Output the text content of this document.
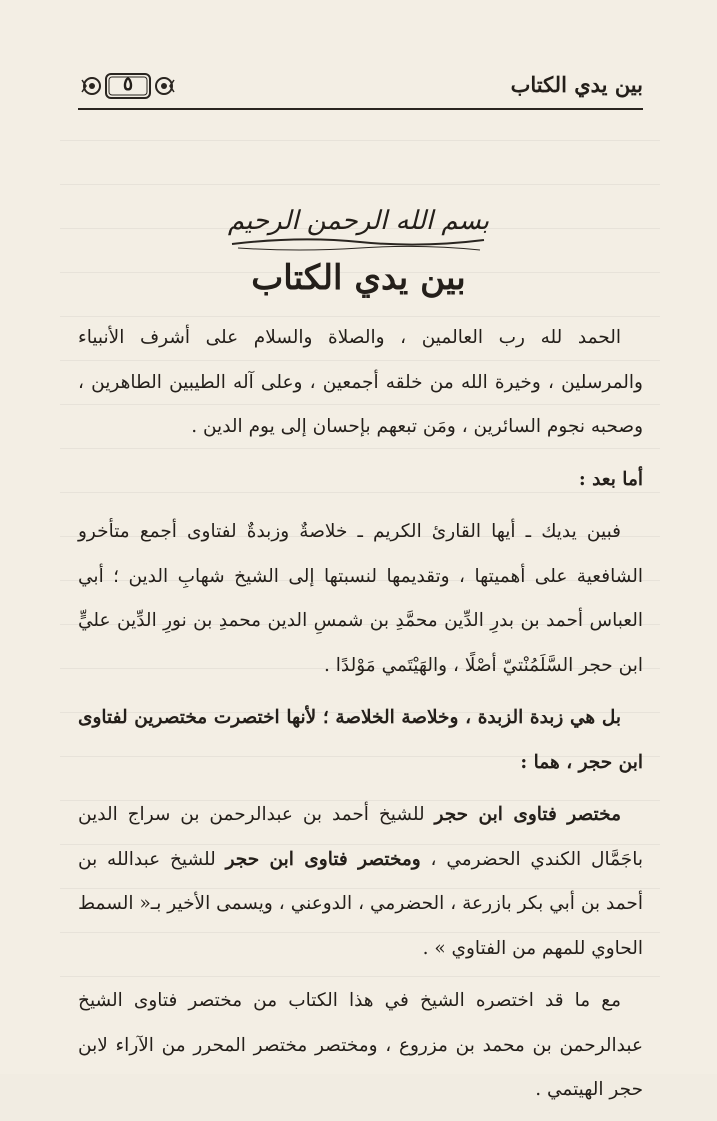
بين يدي الكتاب
٥
بسم الله الرحمن الرحيم
بين يدي الكتاب

الحمد لله رب العالمين ، والصلاة والسلام على أشرف الأنبياء والمرسلين ، وخيرة الله من خلقه أجمعين ، وعلى آله الطيبين الطاهرين ، وصحبه نجوم السائرين ، ومَن تبعهم بإحسان إلى يوم الدين .

أما بعد :

فبين يديك ـ أيها القارئ الكريم ـ خلاصةٌ وزبدةٌ لفتاوى أجمع متأخرو الشافعية على أهميتها ، وتقديمها لنسبتها إلى الشيخ شهابِ الدين ؛ أبي العباس أحمد بن بدرِ الدِّين محمَّدِ بن شمسِ الدين محمدِ بن نورِ الدِّين عليٍّ ابن حجر السَّلَمُنْتيّ أصْلًا ، والهَيْتَمي مَوْلدًا .

بل هي زبدة الزبدة ، وخلاصة الخلاصة ؛ لأنها اختصرت مختصرين لفتاوى ابن حجر ، هما :

مختصر فتاوى ابن حجر للشيخ أحمد بن عبدالرحمن بن سراج الدين باجَمَّال الكندي الحضرمي ، ومختصر فتاوى ابن حجر للشيخ عبدالله بن أحمد بن أبي بكر بازرعة ، الحضرمي ، الدوعني ، ويسمى الأخير بـ« السمط الحاوي للمهم من الفتاوي » .

مع ما قد اختصره الشيخ في هذا الكتاب من مختصر فتاوى الشيخ عبدالرحمن بن محمد بن مزروع ، ومختصر مختصر المحرر من الآراء لابن حجر الهيتمي .
